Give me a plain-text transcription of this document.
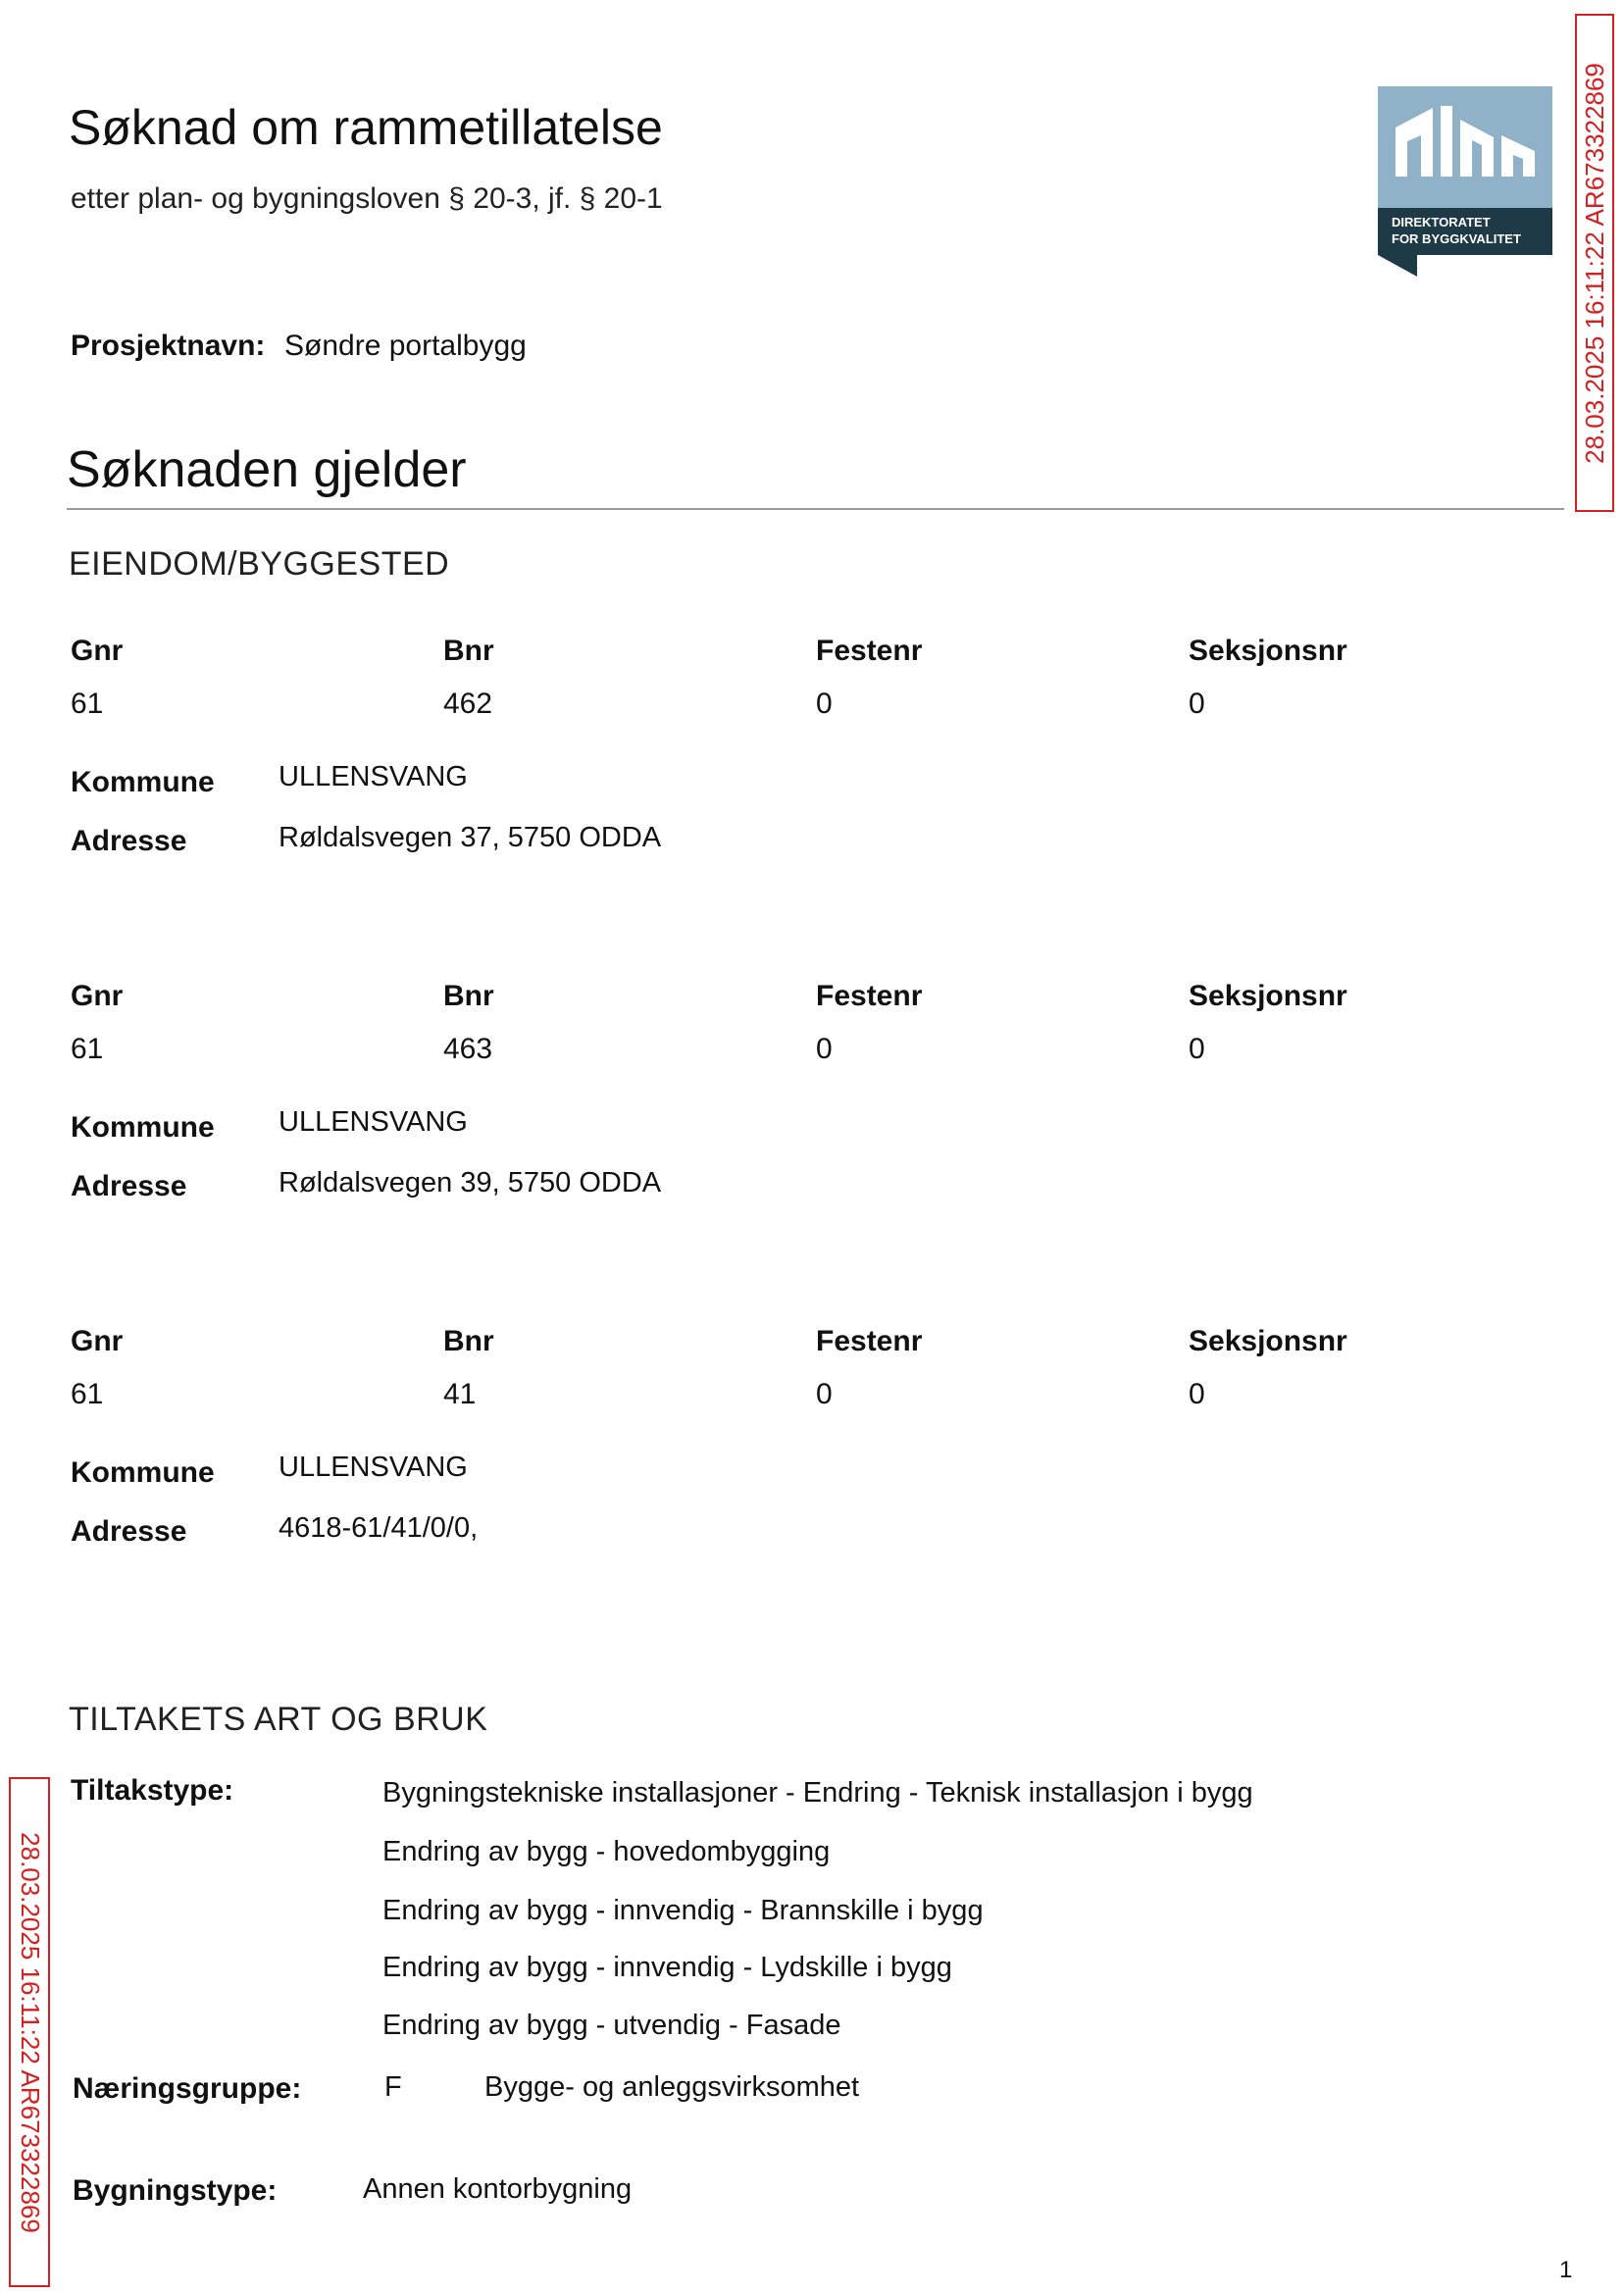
Søknad om rammetillatelse
etter plan- og bygningsloven § 20-3, jf. § 20-1
DIREKTORATET
FOR BYGGKVALITET 28.03.2025 16:11:22 AR673322869
28.03.2025 16:11:22 AR673322869
Prosjektnavn: Søndre portalbygg
Søknaden gjelder
EIENDOM/BYGGESTED
Gnr	Bnr	Festenr	Seksjonsnr
61	462	0	0
Kommune ULLENSVANG
Adresse	Røldalsvegen 37, 5750 ODDA
Gnr	Bnr	Festenr	Seksjonsnr
61	463	0	0
Kommune ULLENSVANG
Adresse	Røldalsvegen 39, 5750 ODDA
Gnr	Bnr	Festenr	Seksjonsnr
61	41	0	0
Kommune ULLENSVANG
Adresse	4618-61/41/0/0,
TILTAKETS ART OG BRUK
Tiltakstype:	Bygningstekniske installasjoner - Endring - Teknisk installasjon i bygg
Endring av bygg - hovedombygging
Endring av bygg - innvendig - Brannskille i bygg
Endring av bygg - innvendig - Lydskille i bygg
Endring av bygg - utvendig - Fasade
Næringsgruppe:	F	Bygge- og anleggsvirksomhet
Bygningstype:	Annen kontorbygning
1
